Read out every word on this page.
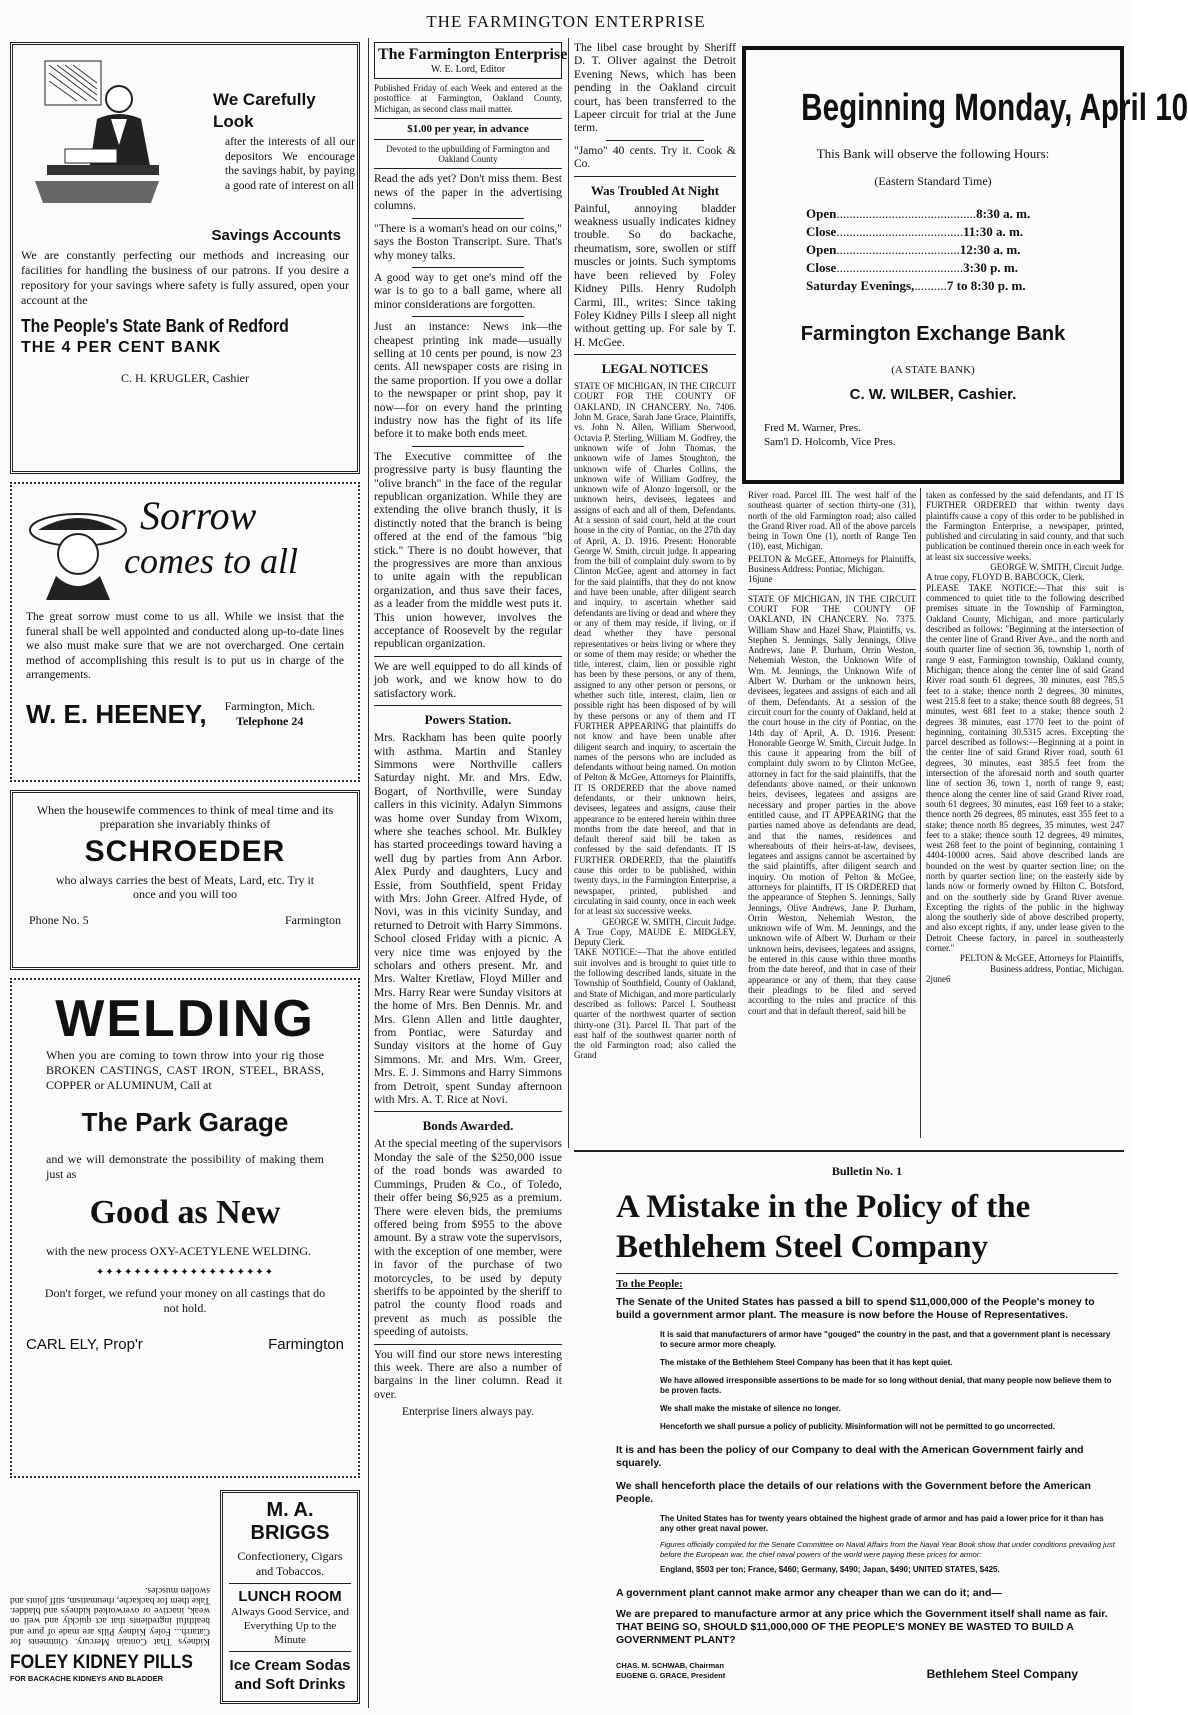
THE FARMINGTON ENTERPRISE
We Carefully
Look
after the interests of all our depositors We encourage the savings habit, by paying a good rate of interest on all
Savings Accounts
We are constantly perfecting our methods and increasing our facilities for handling the business of our patrons. If you desire a repository for your savings where safety is fully assured, open your account at the
The People's State Bank of Redford
THE 4 PER CENT BANK
C. H. KRUGLER, Cashier
Sorrow
comes to all
The great sorrow must come to us all. While we insist that the funeral shall be well appointed and conducted along up-to-date lines we also must make sure that we are not overcharged. One certain method of accomplishing this result is to put us in charge of the arrangements.
W. E. HEENEY, Farmington, Mich.
Telephone 24
When the housewife commences to think of meal time and its preparation she invariably thinks of
SCHROEDER
who always carries the best of Meats, Lard, etc. Try it once and you will too
Phone No. 5	Farmington
WELDING
When you are coming to town throw into your rig those BROKEN CASTINGS, CAST IRON, STEEL, BRASS, COPPER or ALUMINUM, Call at
The Park Garage
and we will demonstrate the possibility of making them just as
Good as New
with the new process OXY-ACETYLENE WELDING.
✦✦✦✦✦✦✦✦✦✦✦✦✦✦✦✦✦✦✦
Don't forget, we refund your money on all castings that do not hold.
CARL ELY, Prop'r	Farmington
Kidneys That Contain Mercury. Ointments for Catarrh... Foley Kidney Pills are made of pure and healthful ingredients that act quickly and well on weak, inactive or overworked kidneys and bladder. Take them for backache, rheumatism, stiff joints and swollen muscles.
FOLEY KIDNEY PILLS
FOR BACKACHE KIDNEYS AND BLADDER
M. A. BRIGGS
Confectionery, Cigars and Tobaccos.
LUNCH ROOM
Always Good Service, and Everything Up to the Minute
Ice Cream Sodas and Soft Drinks
The Farmington Enterprise
W. E. Lord, Editor
Published Friday of each Week and entered at the postoffice at Farmington, Oakland County, Michigan, as second class mail matter.
$1.00 per year, in advance
Devoted to the upbuilding of Farmington and Oakland County
Read the ads yet? Don't miss them. Best news of the paper in the advertising columns.
"There is a woman's head on our coins," says the Boston Transcript. Sure. That's why money talks.
A good way to get one's mind off the war is to go to a ball game, where all minor considerations are forgotten.
Just an instance: News ink—the cheapest printing ink made—usually selling at 10 cents per pound, is now 23 cents. All newspaper costs are rising in the same proportion. If you owe a dollar to the newspaper or print shop, pay it now—for on every hand the printing industry now has the fight of its life before it to make both ends meet.
The Executive committee of the progressive party is busy flaunting the "olive branch" in the face of the regular republican organization. While they are extending the olive branch thusly, it is distinctly noted that the branch is being offered at the end of the famous "big stick." There is no doubt however, that the progressives are more than anxious to unite again with the republican organization, and thus save their faces, as a leader from the middle west puts it. This union however, involves the acceptance of Roosevelt by the regular republican organization.
We are well equipped to do all kinds of job work, and we know how to do satisfactory work.
Powers Station.
Mrs. Rackham has been quite poorly with asthma. Martin and Stanley Simmons were Northville callers Saturday night. Mr. and Mrs. Edw. Bogart, of Northville, were Sunday callers in this vicinity. Adalyn Simmons was home over Sunday from Wixom, where she teaches school. Mr. Bulkley has started proceedings toward having a well dug by parties from Ann Arbor. Alex Purdy and daughters, Lucy and Essie, from Southfield, spent Friday with Mrs. John Greer. Alfred Hyde, of Novi, was in this vicinity Sunday, and returned to Detroit with Harry Simmons. School closed Friday with a picnic. A very nice time was enjoyed by the scholars and others present. Mr. and Mrs. Walter Kretlaw, Floyd Miller and Mrs. Harry Rear were Sunday visitors at the home of Mrs. Ben Dennis. Mr. and Mrs. Glenn Allen and little daughter, from Pontiac, were Saturday and Sunday visitors at the home of Guy Simmons. Mr. and Mrs. Wm. Greer, Mrs. E. J. Simmons and Harry Simmons from Detroit, spent Sunday afternoon with Mrs. A. T. Rice at Novi.
Bonds Awarded.
At the special meeting of the supervisors Monday the sale of the $250,000 issue of the road bonds was awarded to Cummings, Pruden & Co., of Toledo, their offer being $6,925 as a premium. There were eleven bids, the premiums offered being from $955 to the above amount. By a straw vote the supervisors, with the exception of one member, were in favor of the purchase of two motorcycles, to be used by deputy sheriffs to be appointed by the sheriff to patrol the county flood roads and prevent as much as possible the speeding of autoists.
You will find our store news interesting this week. There are also a number of bargains in the liner column. Read it over.
Enterprise liners always pay.
The libel case brought by Sheriff D. T. Oliver against the Detroit Evening News, which has been pending in the Oakland circuit court, has been transferred to the Lapeer circuit for trial at the June term.
"Jamo" 40 cents. Try it. Cook & Co.
Was Troubled At Night
Painful, annoying bladder weakness usually indicates kidney trouble. So do backache, rheumatism, sore, swollen or stiff muscles or joints. Such symptoms have been relieved by Foley Kidney Pills. Henry Rudolph Carmi, Ill., writes: Since taking Foley Kidney Pills I sleep all night without getting up. For sale by T. H. McGee.
LEGAL NOTICES
STATE OF MICHIGAN, IN THE CIRCUIT COURT FOR THE COUNTY OF OAKLAND, IN CHANCERY. No. 7406. John M. Grace, Sarah Jane Grace, Plaintiffs, vs. John N. Allen, William Sherwood, Octavia P. Sterling, William M. Godfrey, the unknown wife of John Thomas, the unknown wife of James Stoughton, the unknown wife of Charles Collins, the unknown wife of William Godfrey, the unknown wife of Alonzo Ingersoll, or the unknown heirs, devisees, legatees and assigns of each and all of them, Defendants. At a session of said court, held at the court house in the city of Pontiac, on the 27th day of April, A. D. 1916. Present: Honorable George W. Smith, circuit judge. It appearing from the bill of complaint duly sworn to by Clinton McGee, agent and attorney in fact for the said plaintiffs, that they do not know and have been unable, after diligent search and inquiry, to ascertain whether said defendants are living or dead and where they or any of them may reside, if living, or if dead whether they have personal representatives or heirs living or where they or some of them may reside; or whether the title, interest, claim, lien or possible right has been by these persons, or any of them, assigned to any other person or persons, or whether such title, interest, claim, lien or possible right has been disposed of by will by these persons or any of them and IT FURTHER APPEARING that plaintiffs do not know and have been unable after diligent search and inquiry, to ascertain the names of the persons who are included as defendants without being named. On motion of Pelton & McGee, Attorneys for Plaintiffs, IT IS ORDERED that the above named defendants, or their unknown heirs, devisees, legatees and assigns, cause their appearance to be entered herein within three months from the date hereof, and that in default thereof said bill be taken as confessed by the said defendants. IT IS FURTHER ORDERED, that the plaintiffs cause this order to be published, within twenty days, in the Farmington Enterprise, a newspaper, printed, published and circulating in said county, once in each week for at least six successive weeks.
GEORGE W. SMITH, Circuit Judge.
A True Copy, MAUDE E. MIDGLEY, Deputy Clerk.
TAKE NOTICE:—That the above entitled suit involves and is brought to quiet title to the following described lands, situate in the Township of Southfield, County of Oakland, and State of Michigan, and more particularly described as follows: Parcel I. Southeast quarter of the northwest quarter of section thirty-one (31). Parcel II. That part of the east half of the southwest quarter north of the old Farmington road; also called the Grand
Beginning Monday, April 10
This Bank will observe the following Hours:
(Eastern Standard Time)
Open ........................................... 8:30 a. m.
Close ....................................... 11:30 a. m.
Open ...................................... 12:30 a. m.
Close ....................................... 3:30 p. m.
Saturday Evenings, .......... 7 to 8:30 p. m.
Farmington Exchange Bank
(A STATE BANK)
C. W. WILBER, Cashier.
Fred M. Warner, Pres.
Sam'l D. Holcomb, Vice Pres.
River road. Parcel III. The west half of the southeast quarter of section thirty-one (31), north of the old Farmington road; also called the Grand River road. All of the above parcels being in Town One (1), north of Range Ten (10), east, Michigan.
PELTON & McGEE, Attorneys for Plaintiffs, Business Address: Pontiac, Michigan.
16june
STATE OF MICHIGAN, IN THE CIRCUIT COURT FOR THE COUNTY OF OAKLAND, IN CHANCERY. No. 7375. William Shaw and Hazel Shaw, Plaintiffs, vs. Stephen S. Jennings, Sally Jennings, Olive Andrews, Jane P. Durham, Orrin Weston, Nehemiah Weston, the Unknown Wife of Wm. M. Jennings, the Unknown Wife of Albert W. Durham or the unknown heirs, devisees, legatees and assigns of each and all of them, Defendants. At a session of the circuit court for the county of Oakland, held at the court house in the city of Pontiac, on the 14th day of April, A. D. 1916. Present: Honorable George W. Smith, Circuit Judge. In this cause it appearing from the bill of complaint duly sworn to by Clinton McGee, attorney in fact for the said plaintiffs, that the defendants above named, or their unknown heirs, devisees, legatees and assigns are necessary and proper parties in the above entitled cause, and IT APPEARING that the parties named above as defendants are dead, and that the names, residences and whereabouts of their heirs-at-law, devisees, legatees and assigns cannot be ascertained by the said plaintiffs, after diligent search and inquiry. On motion of Pelton & McGee, attorneys for plaintiffs, IT IS ORDERED that the appearance of Stephen S. Jennings, Sally Jennings, Olive Andrews, Jane P. Durham, Orrin Weston, Nehemiah Weston, the unknown wife of Wm. M. Jennings, and the unknown wife of Albert W. Durham or their unknown heirs, devisees, legatees and assigns, be entered in this cause within three months from the date hereof, and that in case of their appearance or any of them, that they cause their pleadings to be filed and served according to the rules and practice of this court and that in default thereof, said bill be
taken as confessed by the said defendants, and IT IS FURTHER ORDERED that within twenty days plaintiffs cause a copy of this order to be published in the Farmington Enterprise, a newspaper, printed, published and circulating in said county, and that such publication be continued therein once in each week for at least six successive weeks.
GEORGE W. SMITH, Circuit Judge.
A true copy, FLOYD B. BABCOCK, Clerk.
PLEASE TAKE NOTICE:—That this suit is commenced to quiet title to the following described premises situate in the Township of Farmington, Oakland County, Michigan, and more particularly described as follows: "Beginning at the intersection of the center line of Grand River Ave., and the north and south quarter line of section 36, township 1, north of range 9 east, Farmington township, Oakland county, Michigan; thence along the center line of said Grand River road south 61 degrees, 30 minutes, east 785.5 feet to a stake; thence north 2 degrees, 30 minutes, west 215.8 feet to a stake; thence south 88 degrees, 51 minutes, west 681 feet to a stake; thence south 2 degrees 38 minutes, east 1770 feet to the point of beginning, containing 30.5315 acres. Excepting the parcel described as follows:—Beginning at a point in the center line of said Grand River road, south 61 degrees, 30 minutes, east 385.5 feet from the intersection of the aforesaid north and south quarter line of section 36, town 1, north of range 9, east; thence along the center line of said Grand River road, south 61 degrees, 30 minutes, east 169 feet to a stake; thence north 26 degrees, 85 minutes, east 355 feet to a stake; thence north 85 degrees, 35 minutes, west 247 feet to a stake; thence south 12 degrees, 49 minutes, west 268 feet to the point of beginning, containing 1 4404-10000 acres. Said above described lands are bounded on the west by quarter section line; on the north by quarter section line; on the easterly side by lands now or formerly owned by Hilton C. Botsford, and on the southerly side by Grand River avenue. Excepting the rights of the public in the highway along the southerly side of above described property, and also except rights, if any, under lease given to the Detroit Cheese factory, in parcel in southeasterly corner."
PELTON & McGEE, Attorneys for Plaintiffs, Business address, Pontiac, Michigan.
2june6
Bulletin No. 1
A Mistake in the Policy of the Bethlehem Steel Company
To the People:
The Senate of the United States has passed a bill to spend $11,000,000 of the People's money to build a government armor plant. The measure is now before the House of Representatives.
It is said that manufacturers of armor have "gouged" the country in the past, and that a government plant is necessary to secure armor more cheaply.
The mistake of the Bethlehem Steel Company has been that it has kept quiet.
We have allowed irresponsible assertions to be made for so long without denial, that many people now believe them to be proven facts.
We shall make the mistake of silence no longer.
Henceforth we shall pursue a policy of publicity. Misinformation will not be permitted to go uncorrected.
It is and has been the policy of our Company to deal with the American Government fairly and squarely.
We shall henceforth place the details of our relations with the Government before the American People.
The United States has for twenty years obtained the highest grade of armor and has paid a lower price for it than has any other great naval power.
Figures officially compiled for the Senate Committee on Naval Affairs from the Naval Year Book show that under conditions prevailing just before the European war, the chief naval powers of the world were paying these prices for armor:
England, $503 per ton; France, $460; Germany, $490; Japan, $490; UNITED STATES, $425.
A government plant cannot make armor any cheaper than we can do it; and—
We are prepared to manufacture armor at any price which the Government itself shall name as fair. THAT BEING SO, SHOULD $11,000,000 OF THE PEOPLE'S MONEY BE WASTED TO BUILD A GOVERNMENT PLANT?
CHAS. M. SCHWAB, Chairman
EUGENE G. GRACE, President	Bethlehem Steel Company
